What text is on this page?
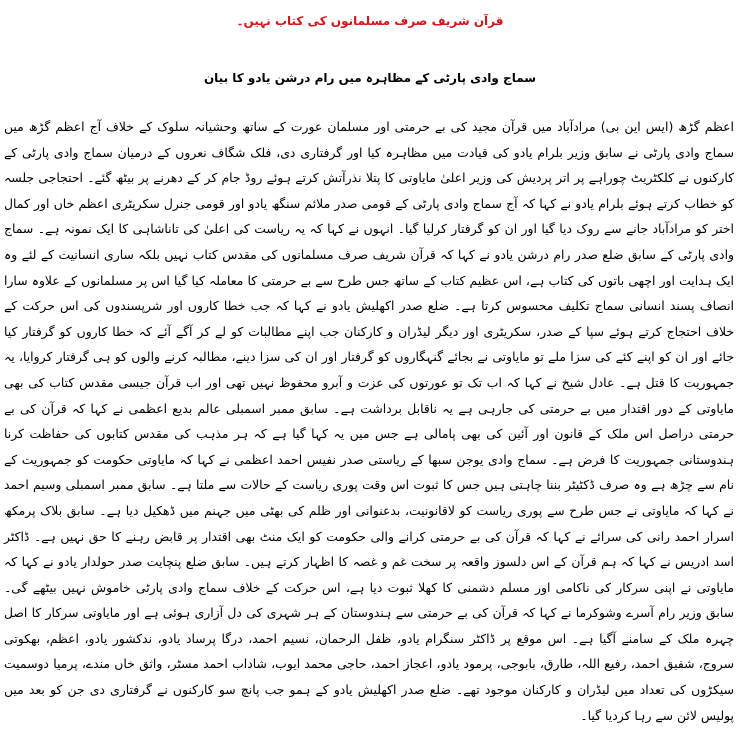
قرآن شریف صرف مسلمانوں کی کتاب نہیں۔
سماج وادی پارٹی کے مظاہرہ میں رام درشن یادو کا بیان

اعظم گڑھ (ایس این بی) مرادآباد میں قرآن مجید کی بے حرمتی اور مسلمان عورت کے ساتھ وحشیانہ سلوک کے خلاف آج اعظم گڑھ میں سماج وادی پارٹی نے سابق وزیر بلرام یادو کی قیادت میں مظاہرہ کیا اور گرفتاری دی، فلک شگاف نعروں کے درمیان سماج وادی پارٹی کے کارکنوں نے کلکٹریٹ چوراہے پر اتر پردیش کی وزیر اعلیٰ مایاوتی کا پتلا نذرآتش کرتے ہوئے روڈ جام کر کے دھرنے پر بیٹھ گئے۔ احتجاجی جلسہ کو خطاب کرتے ہوئے بلرام یادو نے کہا کہ آج سماج وادی پارٹی کے قومی صدر ملائم سنگھ یادو اور قومی جنرل سکریٹری اعظم خاں اور کمال اختر کو مرادآباد جانے سے روک دیا گیا اور ان کو گرفتار کرلیا گیا۔ انہوں نے کہا کہ یہ ریاست کی اعلیٰ کی تاناشاہی کا ایک نمونہ ہے۔ سماج وادی پارٹی کے سابق ضلع صدر رام درشن یادو نے کہا کہ قرآن شریف صرف مسلمانوں کی مقدس کتاب نہیں بلکہ ساری انسانیت کے لئے وہ ایک ہدایت اور اچھی باتوں کی کتاب ہے، اس عظیم کتاب کے ساتھ جس طرح سے بے حرمتی کا معاملہ کیا گیا اس پر مسلمانوں کے علاوہ سارا انصاف پسند انسانی سماج تکلیف محسوس کرتا ہے۔ ضلع صدر اکھلیش یادو نے کہا کہ جب خطا کاروں اور شرپسندوں کی اس حرکت کے خلاف احتجاج کرتے ہوئے سپا کے صدر، سکریٹری اور دیگر لیڈران و کارکنان جب اپنے مطالبات کو لے کر آگے آئے کہ خطا کاروں کو گرفتار کیا جائے اور ان کو اپنے کئے کی سزا ملے تو مایاوتی نے بجائے گنہگاروں کو گرفتار اور ان کی سزا دینے، مطالبہ کرنے والوں کو ہی گرفتار کروایا، یہ جمہوریت کا قتل ہے۔ عادل شیخ نے کہا کہ اب تک تو عورتوں کی عزت و آبرو محفوظ نہیں تھی اور اب قرآن جیسی مقدس کتاب کی بھی مایاوتی کے دور اقتدار میں بے حرمتی کی جارہی ہے یہ ناقابل برداشت ہے۔ سابق ممبر اسمبلی عالم بدیع اعظمی نے کہا کہ قرآن کی بے حرمتی دراصل اس ملک کے قانون اور آئین کی بھی پامالی ہے جس میں یہ کہا گیا ہے کہ ہر مذہب کی مقدس کتابوں کی حفاظت کرنا ہندوستانی جمہوریت کا فرض ہے۔ سماج وادی یوجن سبھا کے ریاستی صدر نفیس احمد اعظمی نے کہا کہ مایاوتی حکومت کو جمہوریت کے نام سے چڑھ ہے وہ صرف ڈکٹیٹر بننا چاہتی ہیں جس کا ثبوت اس وقت پوری ریاست کے حالات سے ملتا ہے۔ سابق ممبر اسمبلی وسیم احمد نے کہا کہ مایاوتی نے جس طرح سے پوری ریاست کو لاقانونیت، بدعنوانی اور ظلم کی بھٹی میں جہنم میں ڈھکیل دیا ہے۔ سابق بلاک پرمکھ اسرار احمد رانی کی سرائے نے کہا کہ قرآن کی بے حرمتی کرانے والی حکومت کو ایک منٹ بھی اقتدار پر قابض رہنے کا حق نہیں ہے۔ ڈاکٹر اسد ادریس نے کہا کہ ہم قرآن کے اس دلسوز واقعہ پر سخت غم و غصہ کا اظہار کرتے ہیں۔ سابق ضلع پنچایت صدر حولدار یادو نے کہا کہ مایاوتی نے اپنی سرکار کی ناکامی اور مسلم دشمنی کا کھلا ثبوت دیا ہے، اس حرکت کے خلاف سماج وادی پارٹی خاموش نہیں بیٹھے گی۔ سابق وزیر رام آسرے وشوکرما نے کہا کہ قرآن کی بے حرمتی سے ہندوستان کے ہر شہری کی دل آزاری ہوئی ہے اور مایاوتی سرکار کا اصل چہرہ ملک کے سامنے آگیا ہے۔ اس موقع پر ڈاکٹر سنگرام یادو، ظفل الرحمان، نسیم احمد، درگا پرساد یادو، ندکشور یادو، اعظم، بھکوتی سروج، شفیق احمد، رفیع اللہ، طارق، بابوجی، پرمود یادو، اعجاز احمد، حاجی محمد ایوب، شاداب احمد مسٹر، واثق خاں مندے، پرمیا دوسمیت سیکڑوں کی تعداد میں لیڈران و کارکنان موجود تھے۔ ضلع صدر اکھلیش یادو کے ہمو جب پانچ سو کارکنوں نے گرفتاری دی جن کو بعد میں پولیس لائن سے رہا کردیا گیا۔
